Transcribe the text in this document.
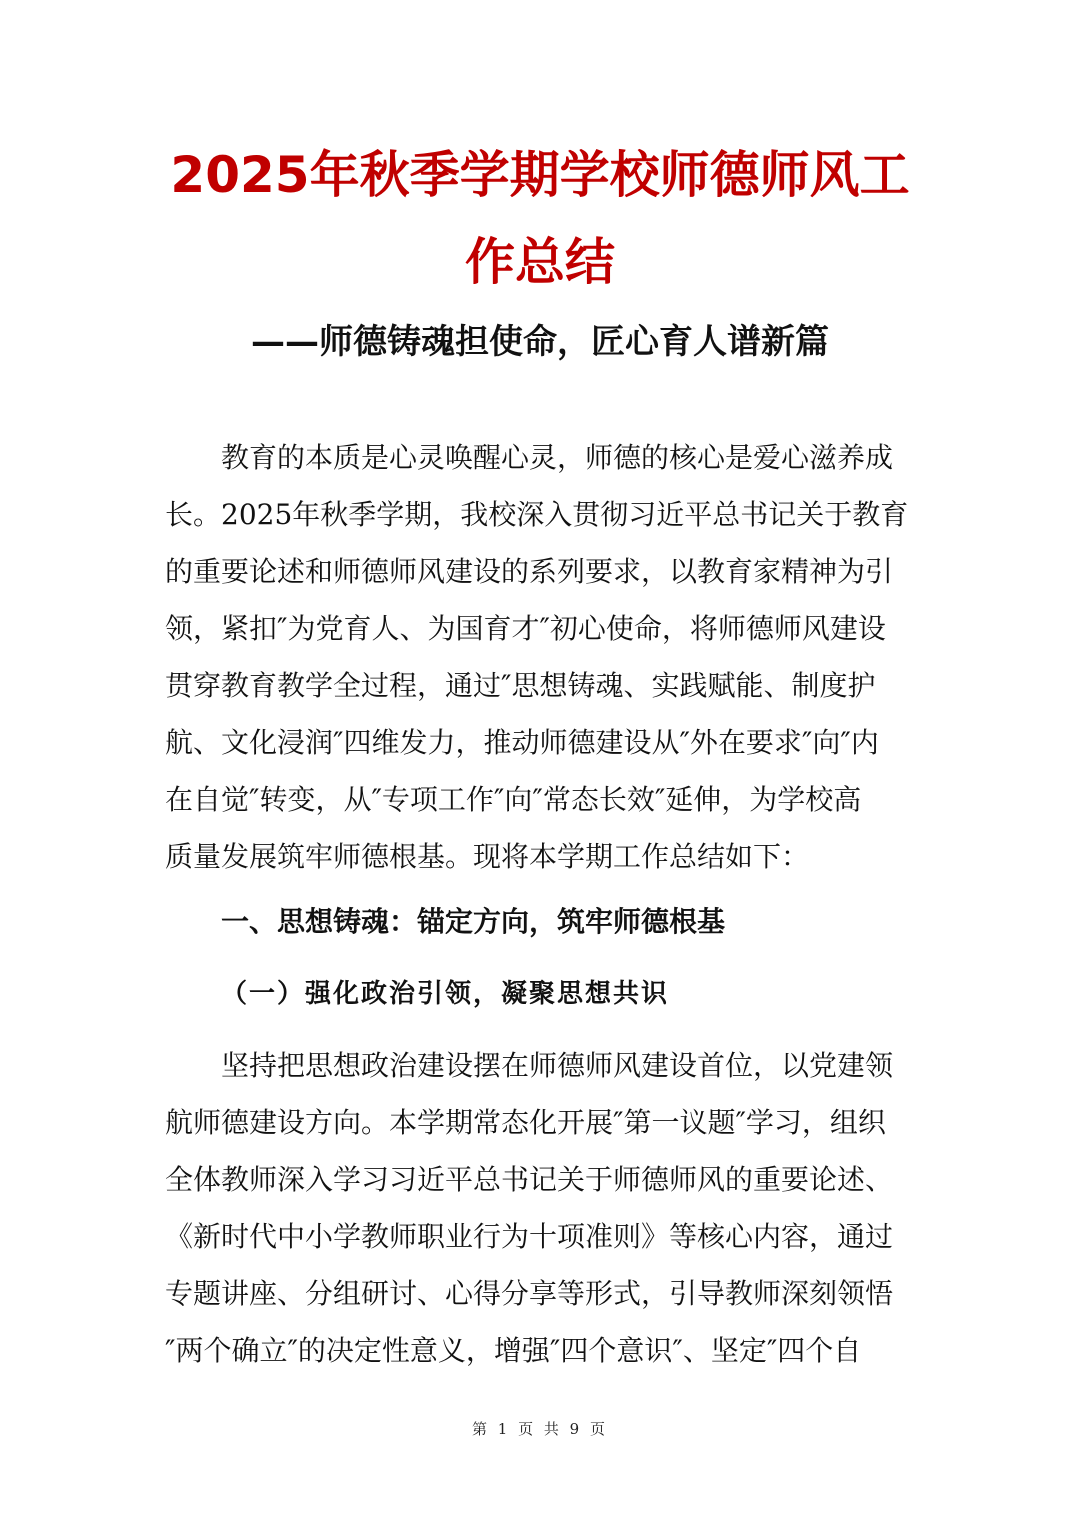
2025年秋季学期学校师德师风工
作总结
——师德铸魂担使命，匠心育人谱新篇
教育的本质是心灵唤醒心灵，师德的核心是爱心滋养成
长。2025年秋季学期，我校深入贯彻习近平总书记关于教育
的重要论述和师德师风建设的系列要求，以教育家精神为引
领，紧扣″为党育人、为国育才″初心使命，将师德师风建设
贯穿教育教学全过程，通过″思想铸魂、实践赋能、制度护
航、文化浸润″四维发力，推动师德建设从″外在要求″向″内
在自觉″转变，从″专项工作″向″常态长效″延伸，为学校高
质量发展筑牢师德根基。现将本学期工作总结如下：
一、思想铸魂：锚定方向，筑牢师德根基
（一）强化政治引领，凝聚思想共识
坚持把思想政治建设摆在师德师风建设首位，以党建领
航师德建设方向。本学期常态化开展″第一议题″学习，组织
全体教师深入学习习近平总书记关于师德师风的重要论述、
《新时代中小学教师职业行为十项准则》等核心内容，通过
专题讲座、分组研讨、心得分享等形式，引导教师深刻领悟
″两个确立″的决定性意义，增强″四个意识″、坚定″四个自
第 1 页 共 9 页
